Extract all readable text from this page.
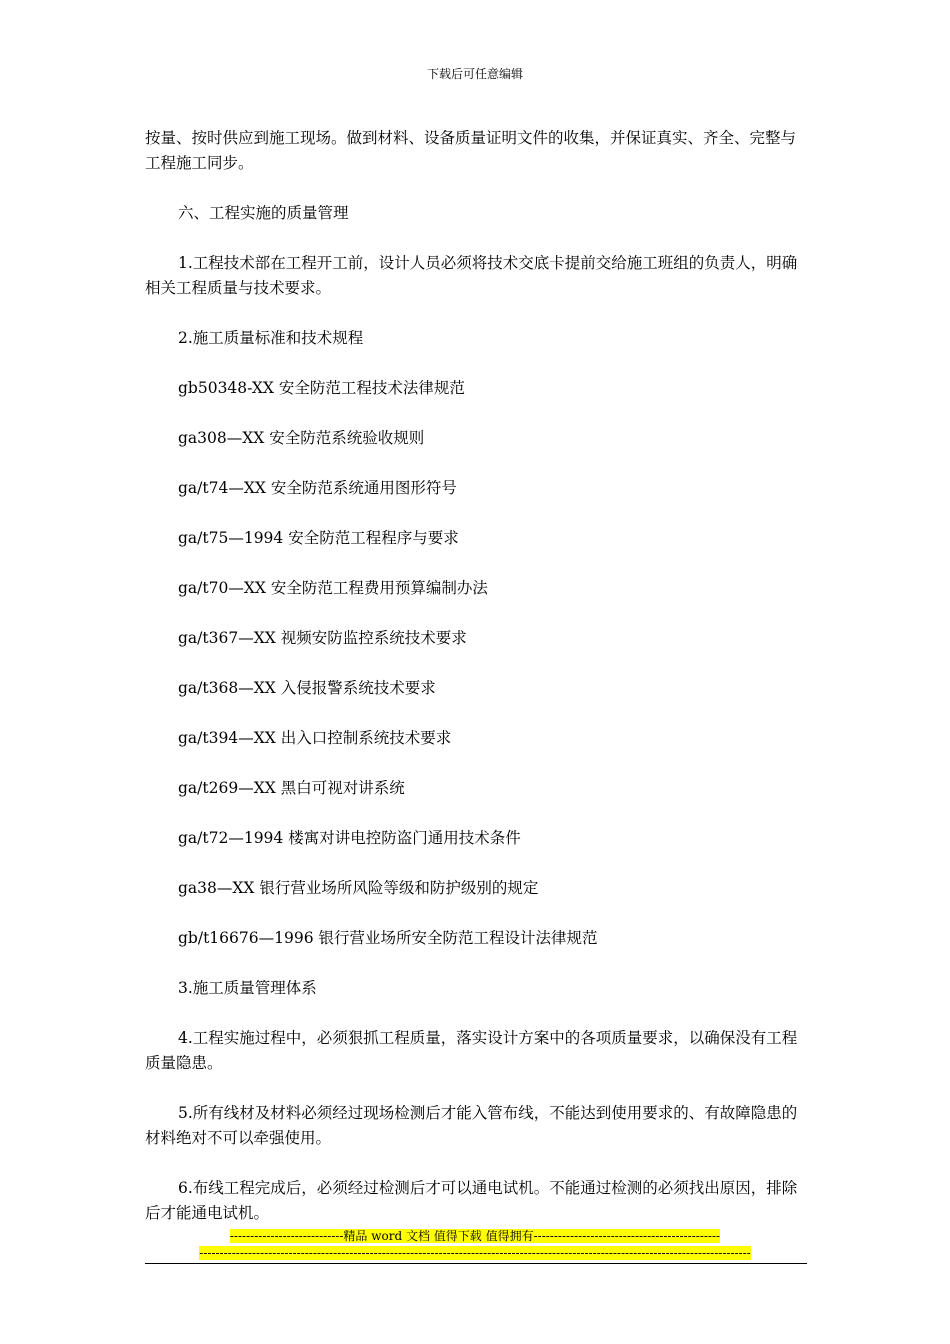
下载后可任意编辑

按量、按时供应到施工现场。做到材料、设备质量证明文件的收集，并保证真实、齐全、完整与工程施工同步。

六、工程实施的质量管理

1.工程技术部在工程开工前，设计人员必须将技术交底卡提前交给施工班组的负责人，明确相关工程质量与技术要求。

2.施工质量标准和技术规程

gb50348-XX 安全防范工程技术法律规范

ga308—XX 安全防范系统验收规则

ga/t74—XX 安全防范系统通用图形符号

ga/t75—1994 安全防范工程程序与要求

ga/t70—XX 安全防范工程费用预算编制办法

ga/t367—XX 视频安防监控系统技术要求

ga/t368—XX 入侵报警系统技术要求

ga/t394—XX 出入口控制系统技术要求

ga/t269—XX 黑白可视对讲系统

ga/t72—1994 楼寓对讲电控防盗门通用技术条件

ga38—XX 银行营业场所风险等级和防护级别的规定

gb/t16676—1996 银行营业场所安全防范工程设计法律规范

3.施工质量管理体系

4.工程实施过程中，必须狠抓工程质量，落实设计方案中的各项质量要求，以确保没有工程质量隐患。

5.所有线材及材料必须经过现场检测后才能入管布线，不能达到使用要求的、有故障隐患的材料绝对不可以牵强使用。

6.布线工程完成后，必须经过检测后才可以通电试机。不能通过检测的必须找出原因，排除后才能通电试机。

----------------------------精品 word 文档 值得下载 值得拥有----------------------------------------------
----------------------------------------------------------------------------------------------------------------------------------------
